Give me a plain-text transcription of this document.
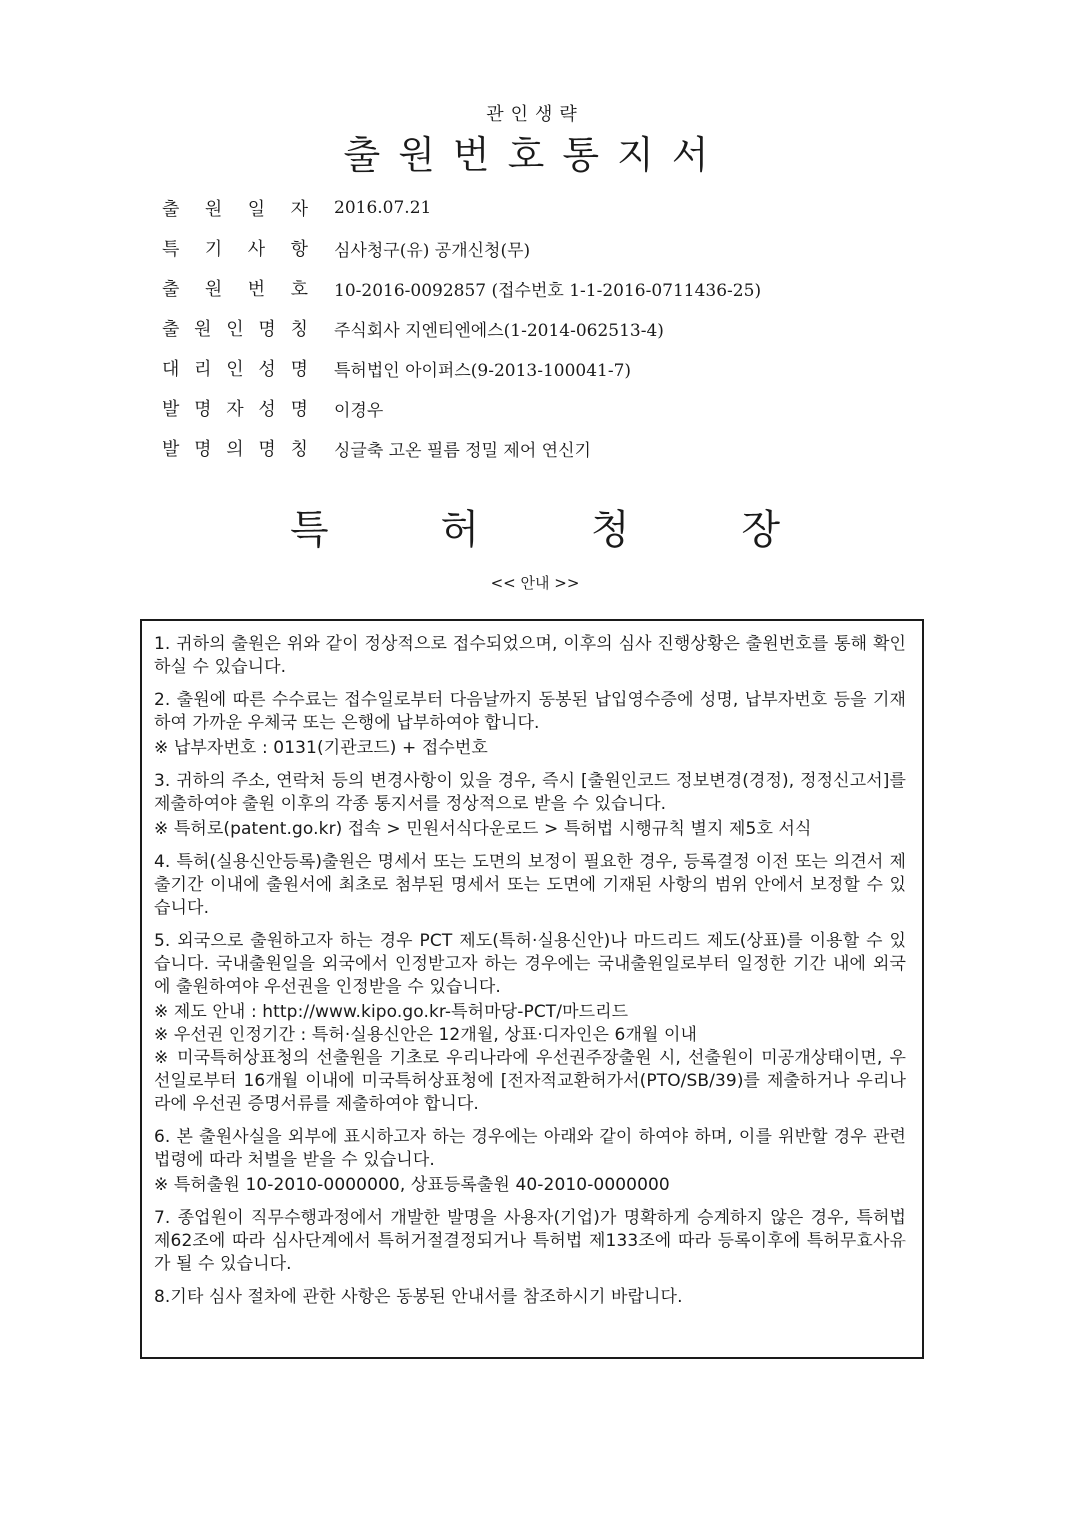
관인생략
출원번호통지서
출 원 일 자 2016.07.21
특 기 사 항 심사청구(유) 공개신청(무)
출 원 번 호 10-2016-0092857 (접수번호 1-1-2016-0711436-25)
출 원 인 명 칭 주식회사 지엔티엔에스(1-2014-062513-4)
대 리 인 성 명 특허법인 아이퍼스(9-2013-100041-7)
발 명 자 성 명 이경우
발 명 의 명 칭 싱글축 고온 필름 정밀 제어 연신기
특	허	청	장
<< 안내 >>

1. 귀하의 출원은 위와 같이 정상적으로 접수되었으며, 이후의 심사 진행상황은 출원번호를 통해 확인하실 수 있습니다.

2. 출원에 따른 수수료는 접수일로부터 다음날까지 동봉된 납입영수증에 성명, 납부자번호 등을 기재하여 가까운 우체국 또는 은행에 납부하여야 합니다.

※ 납부자번호 : 0131(기관코드) + 접수번호

3. 귀하의 주소, 연락처 등의 변경사항이 있을 경우, 즉시 [출원인코드 정보변경(경정), 정정신고서]를 제출하여야 출원 이후의 각종 통지서를 정상적으로 받을 수 있습니다.

※ 특허로(patent.go.kr) 접속 > 민원서식다운로드 > 특허법 시행규칙 별지 제5호 서식

4. 특허(실용신안등록)출원은 명세서 또는 도면의 보정이 필요한 경우, 등록결정 이전 또는 의견서 제출기간 이내에 출원서에 최초로 첨부된 명세서 또는 도면에 기재된 사항의 범위 안에서 보정할 수 있습니다.

5. 외국으로 출원하고자 하는 경우 PCT 제도(특허·실용신안)나 마드리드 제도(상표)를 이용할 수 있습니다. 국내출원일을 외국에서 인정받고자 하는 경우에는 국내출원일로부터 일정한 기간 내에 외국에 출원하여야 우선권을 인정받을 수 있습니다.

※ 제도 안내 : http://www.kipo.go.kr-특허마당-PCT/마드리드

※ 우선권 인정기간 : 특허·실용신안은 12개월, 상표·디자인은 6개월 이내

※ 미국특허상표청의 선출원을 기초로 우리나라에 우선권주장출원 시, 선출원이 미공개상태이면, 우선일로부터 16개월 이내에 미국특허상표청에 [전자적교환허가서(PTO/SB/39)를 제출하거나 우리나라에 우선권 증명서류를 제출하여야 합니다.

6. 본 출원사실을 외부에 표시하고자 하는 경우에는 아래와 같이 하여야 하며, 이를 위반할 경우 관련법령에 따라 처벌을 받을 수 있습니다.

※ 특허출원 10-2010-0000000, 상표등록출원 40-2010-0000000

7. 종업원이 직무수행과정에서 개발한 발명을 사용자(기업)가 명확하게 승계하지 않은 경우, 특허법 제62조에 따라 심사단계에서 특허거절결정되거나 특허법 제133조에 따라 등록이후에 특허무효사유가 될 수 있습니다.

8.기타 심사 절차에 관한 사항은 동봉된 안내서를 참조하시기 바랍니다.
